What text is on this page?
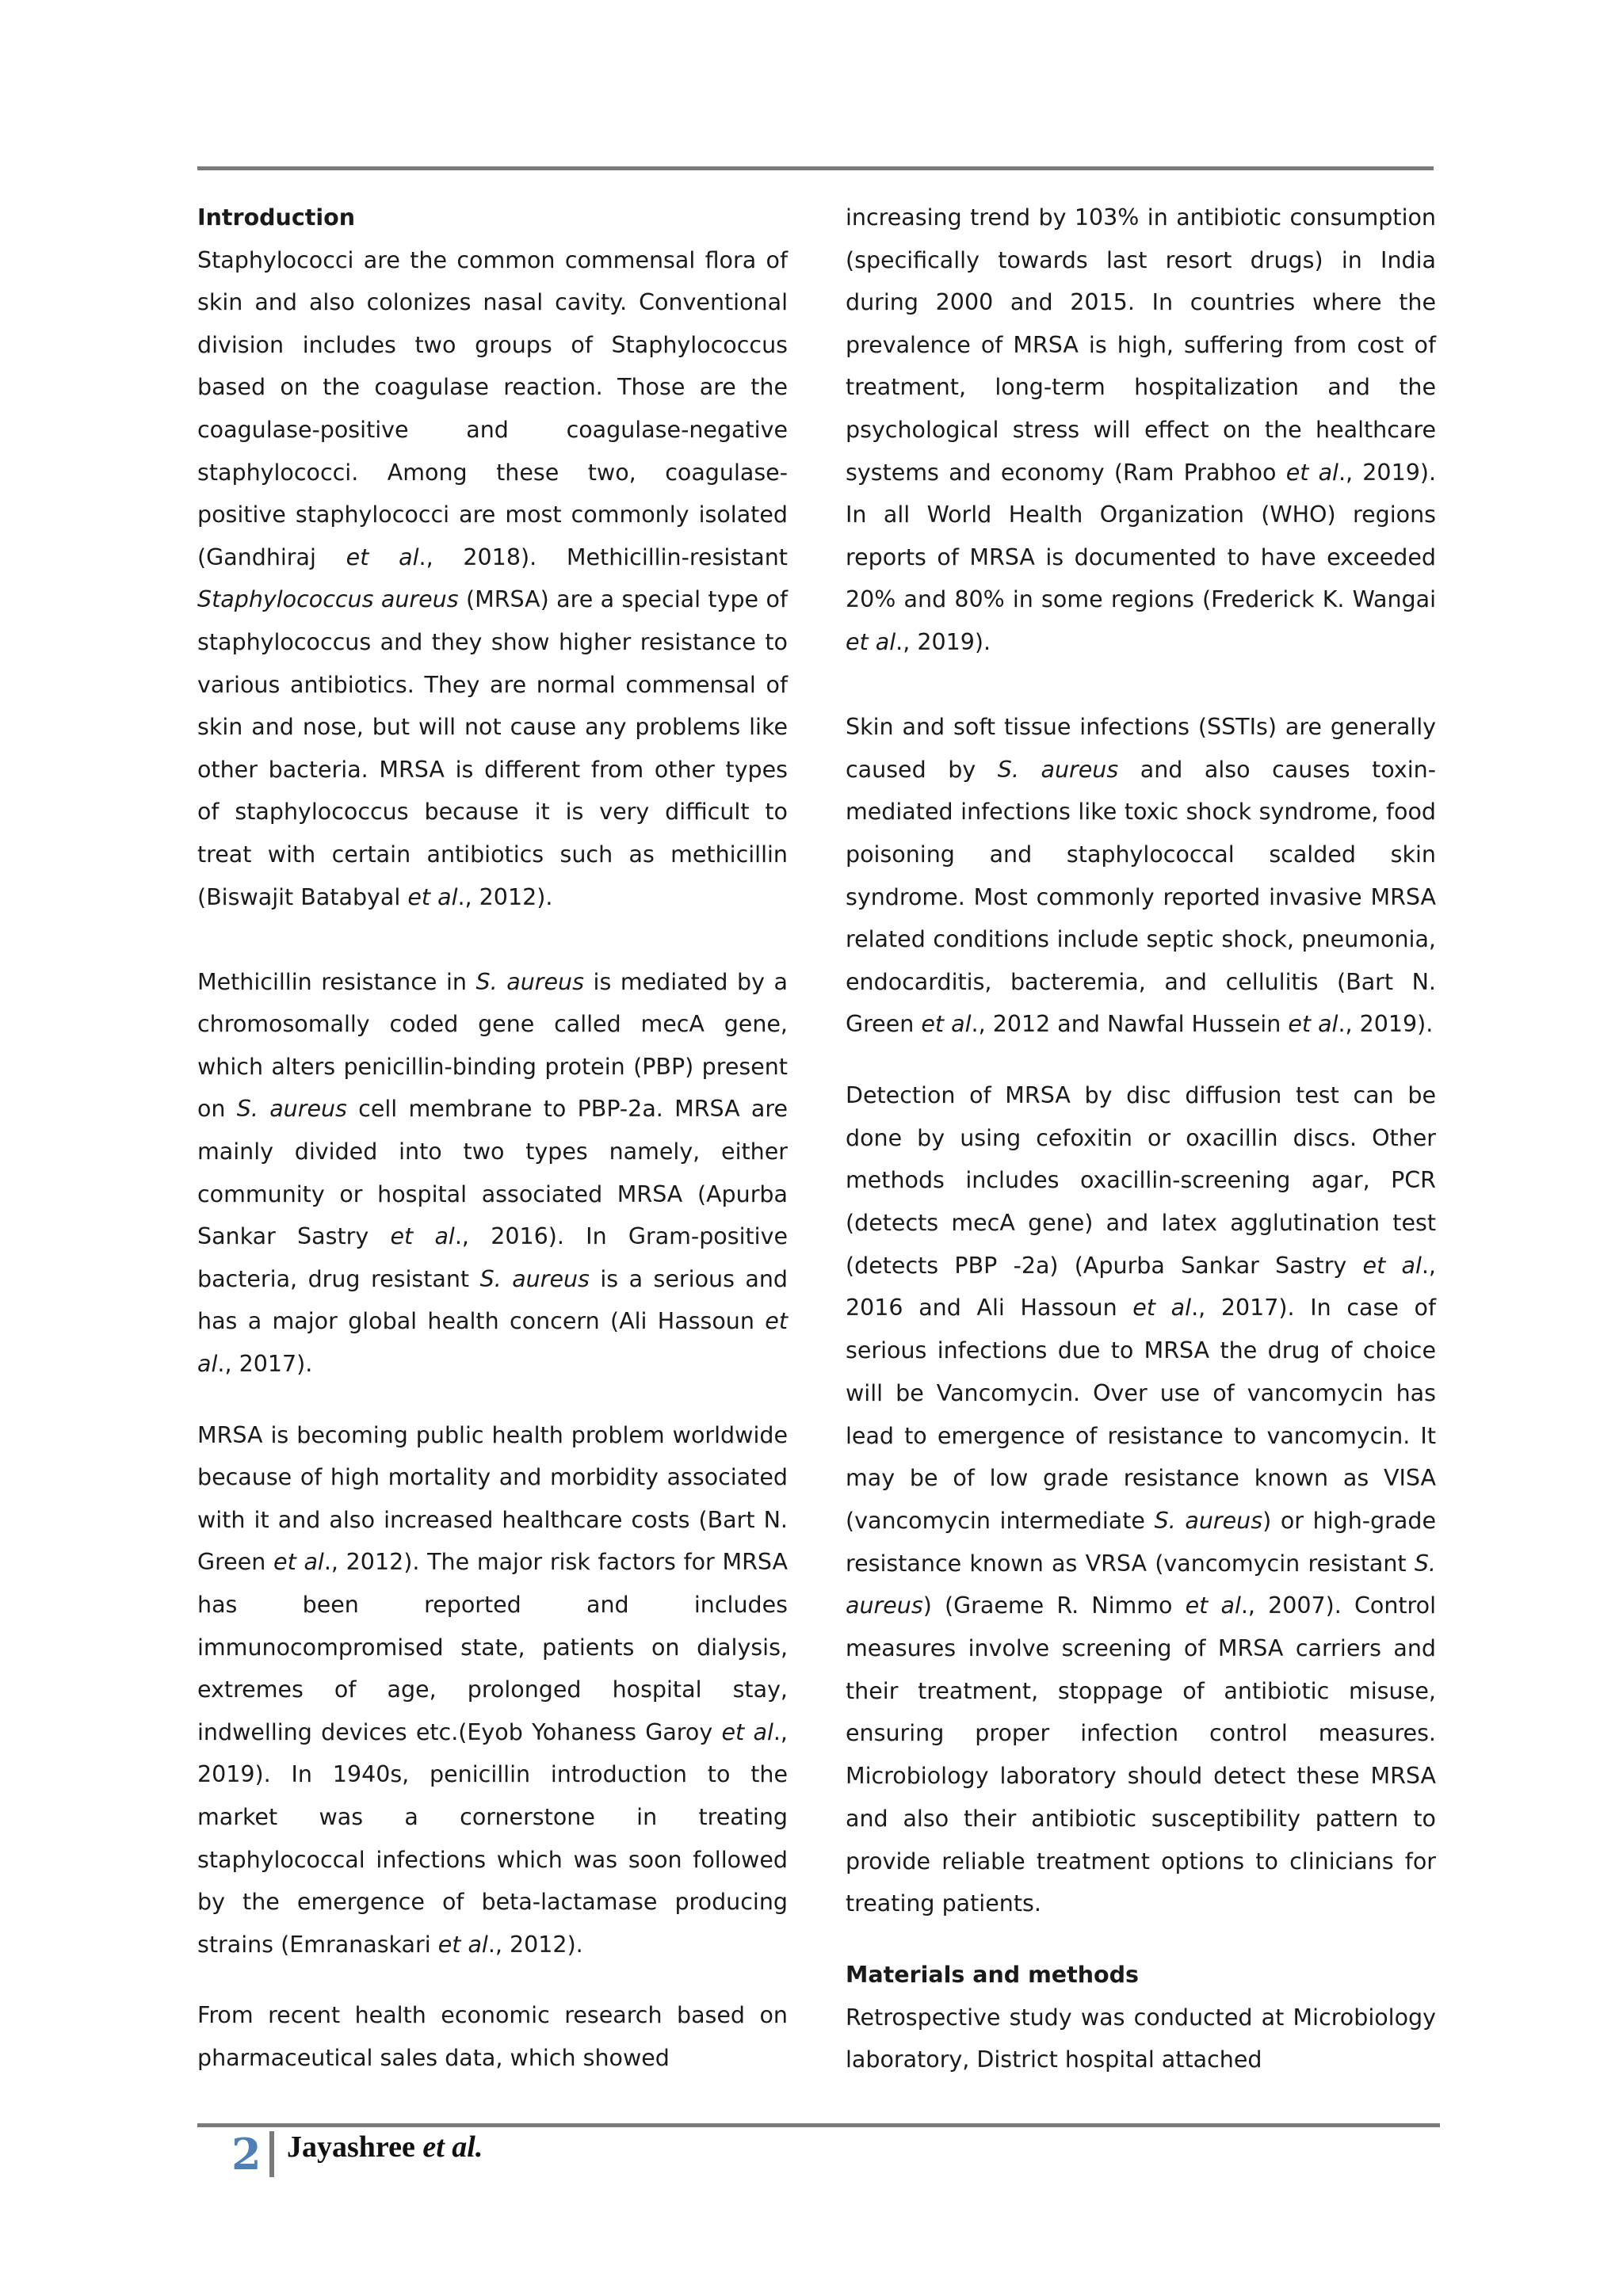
Introduction

Staphylococci are the common commensal flora of skin and also colonizes nasal cavity. Conventional division includes two groups of Staphylococcus based on the coagulase reaction. Those are the coagulase-positive and coagulase-negative staphylococci. Among these two, coagulase-positive staphylococci are most commonly isolated (Gandhiraj et al., 2018). Methicillin-resistant Staphylococcus aureus (MRSA) are a special type of staphylococcus and they show higher resistance to various antibiotics. They are normal commensal of skin and nose, but will not cause any problems like other bacteria. MRSA is different from other types of staphylococcus because it is very difficult to treat with certain antibiotics such as methicillin (Biswajit Batabyal et al., 2012).

Methicillin resistance in S. aureus is mediated by a chromosomally coded gene called mecA gene, which alters penicillin-binding protein (PBP) present on S. aureus cell membrane to PBP-2a. MRSA are mainly divided into two types namely, either community or hospital associated MRSA (Apurba Sankar Sastry et al., 2016). In Gram-positive bacteria, drug resistant S. aureus is a serious and has a major global health concern (Ali Hassoun et al., 2017).

MRSA is becoming public health problem worldwide because of high mortality and morbidity associated with it and also increased healthcare costs (Bart N. Green et al., 2012). The major risk factors for MRSA has been reported and includes immunocompromised state, patients on dialysis, extremes of age, prolonged hospital stay, indwelling devices etc.(Eyob Yohaness Garoy et al., 2019). In 1940s, penicillin introduction to the market was a cornerstone in treating staphylococcal infections which was soon followed by the emergence of beta-lactamase producing strains (Emranaskari et al., 2012).

From recent health economic research based on pharmaceutical sales data, which showed

increasing trend by 103% in antibiotic consumption (specifically towards last resort drugs) in India during 2000 and 2015. In countries where the prevalence of MRSA is high, suffering from cost of treatment, long-term hospitalization and the psychological stress will effect on the healthcare systems and economy (Ram Prabhoo et al., 2019). In all World Health Organization (WHO) regions reports of MRSA is documented to have exceeded 20% and 80% in some regions (Frederick K. Wangai et al., 2019).

Skin and soft tissue infections (SSTIs) are generally caused by S. aureus and also causes toxin-mediated infections like toxic shock syndrome, food poisoning and staphylococcal scalded skin syndrome. Most commonly reported invasive MRSA related conditions include septic shock, pneumonia, endocarditis, bacteremia, and cellulitis (Bart N. Green et al., 2012 and Nawfal Hussein et al., 2019).

Detection of MRSA by disc diffusion test can be done by using cefoxitin or oxacillin discs. Other methods includes oxacillin-screening agar, PCR (detects mecA gene) and latex agglutination test (detects PBP -2a) (Apurba Sankar Sastry et al., 2016 and Ali Hassoun et al., 2017). In case of serious infections due to MRSA the drug of choice will be Vancomycin. Over use of vancomycin has lead to emergence of resistance to vancomycin. It may be of low grade resistance known as VISA (vancomycin intermediate S. aureus) or high-grade resistance known as VRSA (vancomycin resistant S. aureus) (Graeme R. Nimmo et al., 2007). Control measures involve screening of MRSA carriers and their treatment, stoppage of antibiotic misuse, ensuring proper infection control measures. Microbiology laboratory should detect these MRSA and also their antibiotic susceptibility pattern to provide reliable treatment options to clinicians for treating patients.

Materials and methods

Retrospective study was conducted at Microbiology laboratory, District hospital attached

2 Jayashree et al.
